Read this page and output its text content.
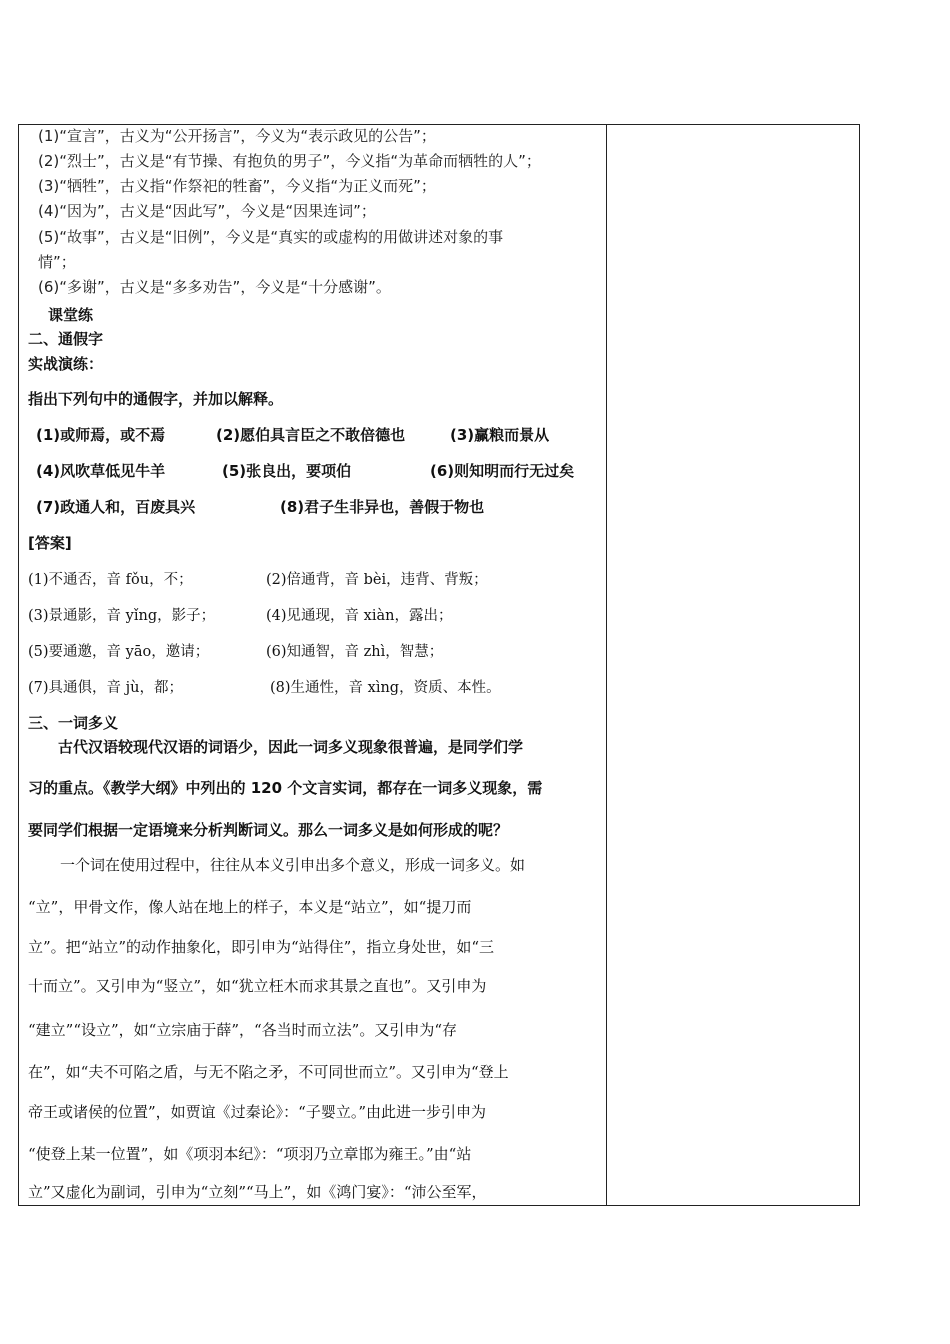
(1)“宣言”，古义为“公开扬言”，今义为“表示政见的公告”；
(2)“烈士”，古义是“有节操、有抱负的男子”，今义指“为革命而牺牲的人”；
(3)“牺牲”，古义指“作祭祀的牲畜”，今义指“为正义而死”；
(4)“因为”，古义是“因此写”，今义是“因果连词”；
(5)“故事”，古义是“旧例”，今义是“真实的或虚构的用做讲述对象的事
情”；
(6)“多谢”，古义是“多多劝告”，今义是“十分感谢”。
课堂练
二、通假字
实战演练：
指出下列句中的通假字，并加以解释。
(1)或师焉，或不焉	(2)愿伯具言臣之不敢倍德也	(3)赢粮而景从
(4)风吹草低见牛羊	(5)张良出，要项伯	(6)则知明而行无过矣
(7)政通人和，百废具兴	(8)君子生非异也，善假于物也
[答案]
(1)不通否，音 fǒu，不；	(2)倍通背，音 bèi，违背、背叛；
(3)景通影，音 yǐng，影子；	(4)见通现，音 xiàn，露出；
(5)要通邀，音 yāo，邀请；	(6)知通智，音 zhì，智慧；
(7)具通俱，音 jù，都；	(8)生通性，音 xìng，资质、本性。
三、一词多义
古代汉语较现代汉语的词语少，因此一词多义现象很普遍，是同学们学
习的重点。《教学大纲》中列出的 120 个文言实词，都存在一词多义现象，需
要同学们根据一定语境来分析判断词义。那么一词多义是如何形成的呢？
一个词在使用过程中，往往从本义引申出多个意义，形成一词多义。如
“立”，甲骨文作，像人站在地上的样子，本义是“站立”，如“提刀而
立”。把“站立”的动作抽象化，即引申为“站得住”，指立身处世，如“三
十而立”。又引申为“竖立”，如“犹立枉木而求其景之直也”。又引申为
“建立”“设立”，如“立宗庙于薛”，“各当时而立法”。又引申为“存
在”，如“夫不可陷之盾，与无不陷之矛，不可同世而立”。又引申为“登上
帝王或诸侯的位置”，如贾谊《过秦论》：“子婴立。”由此进一步引申为
“使登上某一位置”，如《项羽本纪》：“项羽乃立章邯为雍王。”由“站
立”又虚化为副词，引申为“立刻”“马上”，如《鸿门宴》：“沛公至军，
